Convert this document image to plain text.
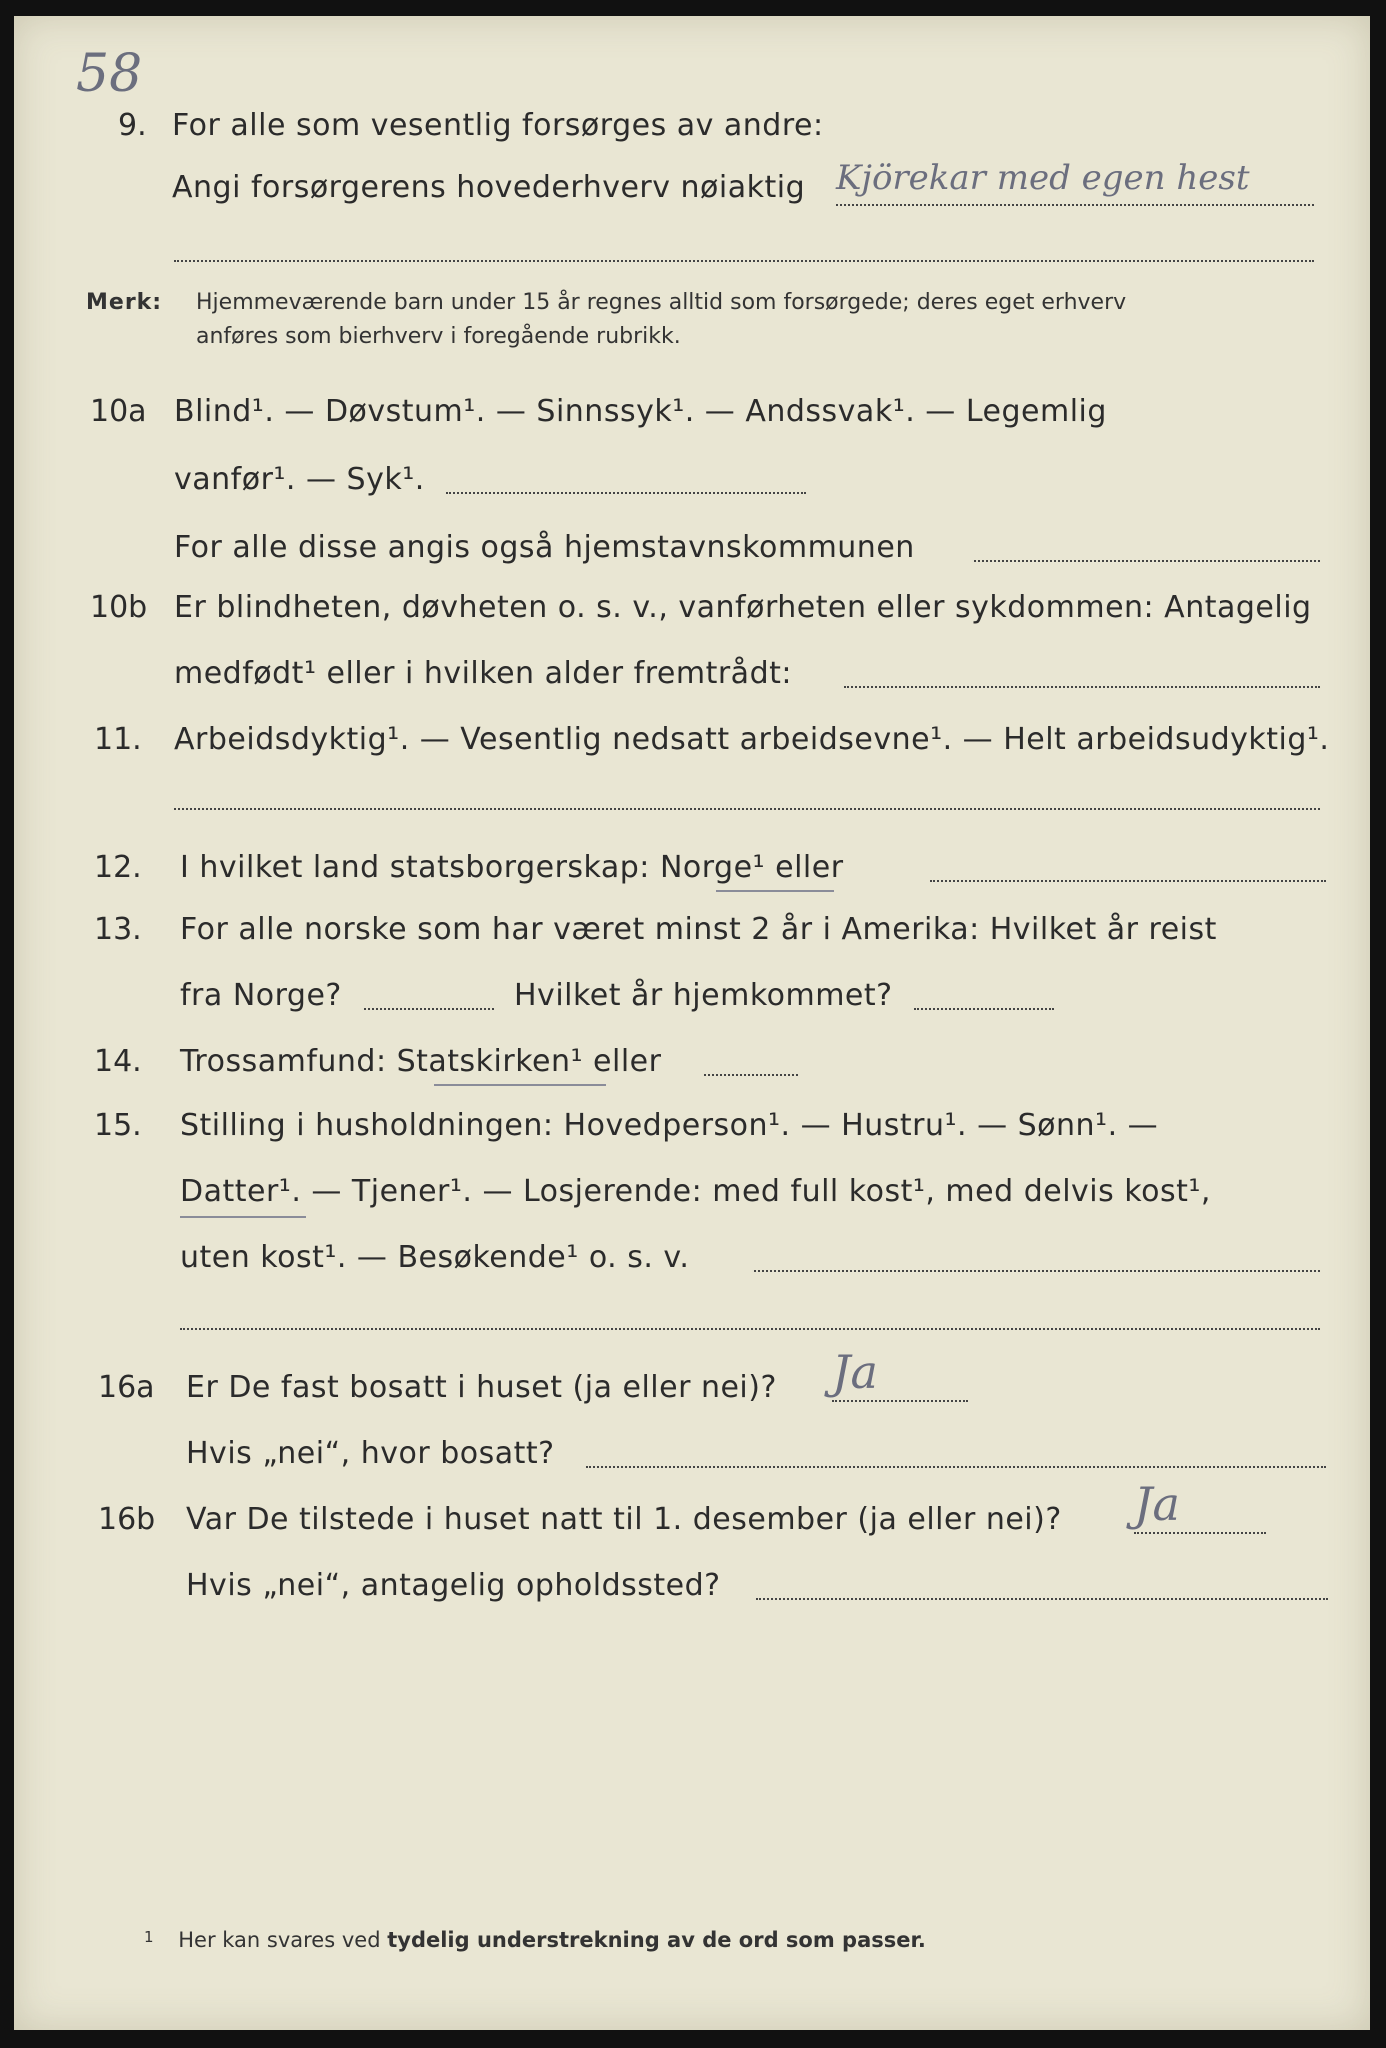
58
9. For alle som vesentlig forsørges av andre:
Angi forsørgerens hovederhverv nøiaktig Kjörekar med egen hest
Merk: Hjemmeværende barn under 15 år regnes alltid som forsørgede; deres eget erhverv
anføres som bierhverv i foregående rubrikk.
10a Blind¹. — Døvstum¹. — Sinnssyk¹. — Andssvak¹. — Legemlig
vanfør¹. — Syk¹.
For alle disse angis også hjemstavnskommunen
10b Er blindheten, døvheten o. s. v., vanførheten eller sykdommen: Antagelig
medfødt¹ eller i hvilken alder fremtrådt:
11. Arbeidsdyktig¹. — Vesentlig nedsatt arbeidsevne¹. — Helt arbeidsudyktig¹.
12. I hvilket land statsborgerskap: Norge¹ eller
13. For alle norske som har været minst 2 år i Amerika: Hvilket år reist
fra Norge?	Hvilket år hjemkommet?
14. Trossamfund: Statskirken¹ eller
15. Stilling i husholdningen: Hovedperson¹. — Hustru¹. — Sønn¹. —
Datter¹. — Tjener¹. — Losjerende: med full kost¹, med delvis kost¹,
uten kost¹. — Besøkende¹ o. s. v.
16a Er De fast bosatt i huset (ja eller nei)? Ja
Hvis „nei“, hvor bosatt?
16b Var De tilstede i huset natt til 1. desember (ja eller nei)? Ja
Hvis „nei“, antagelig opholdssted?
$^1$ Her kan svares ved tydelig understrekning av de ord som passer.
